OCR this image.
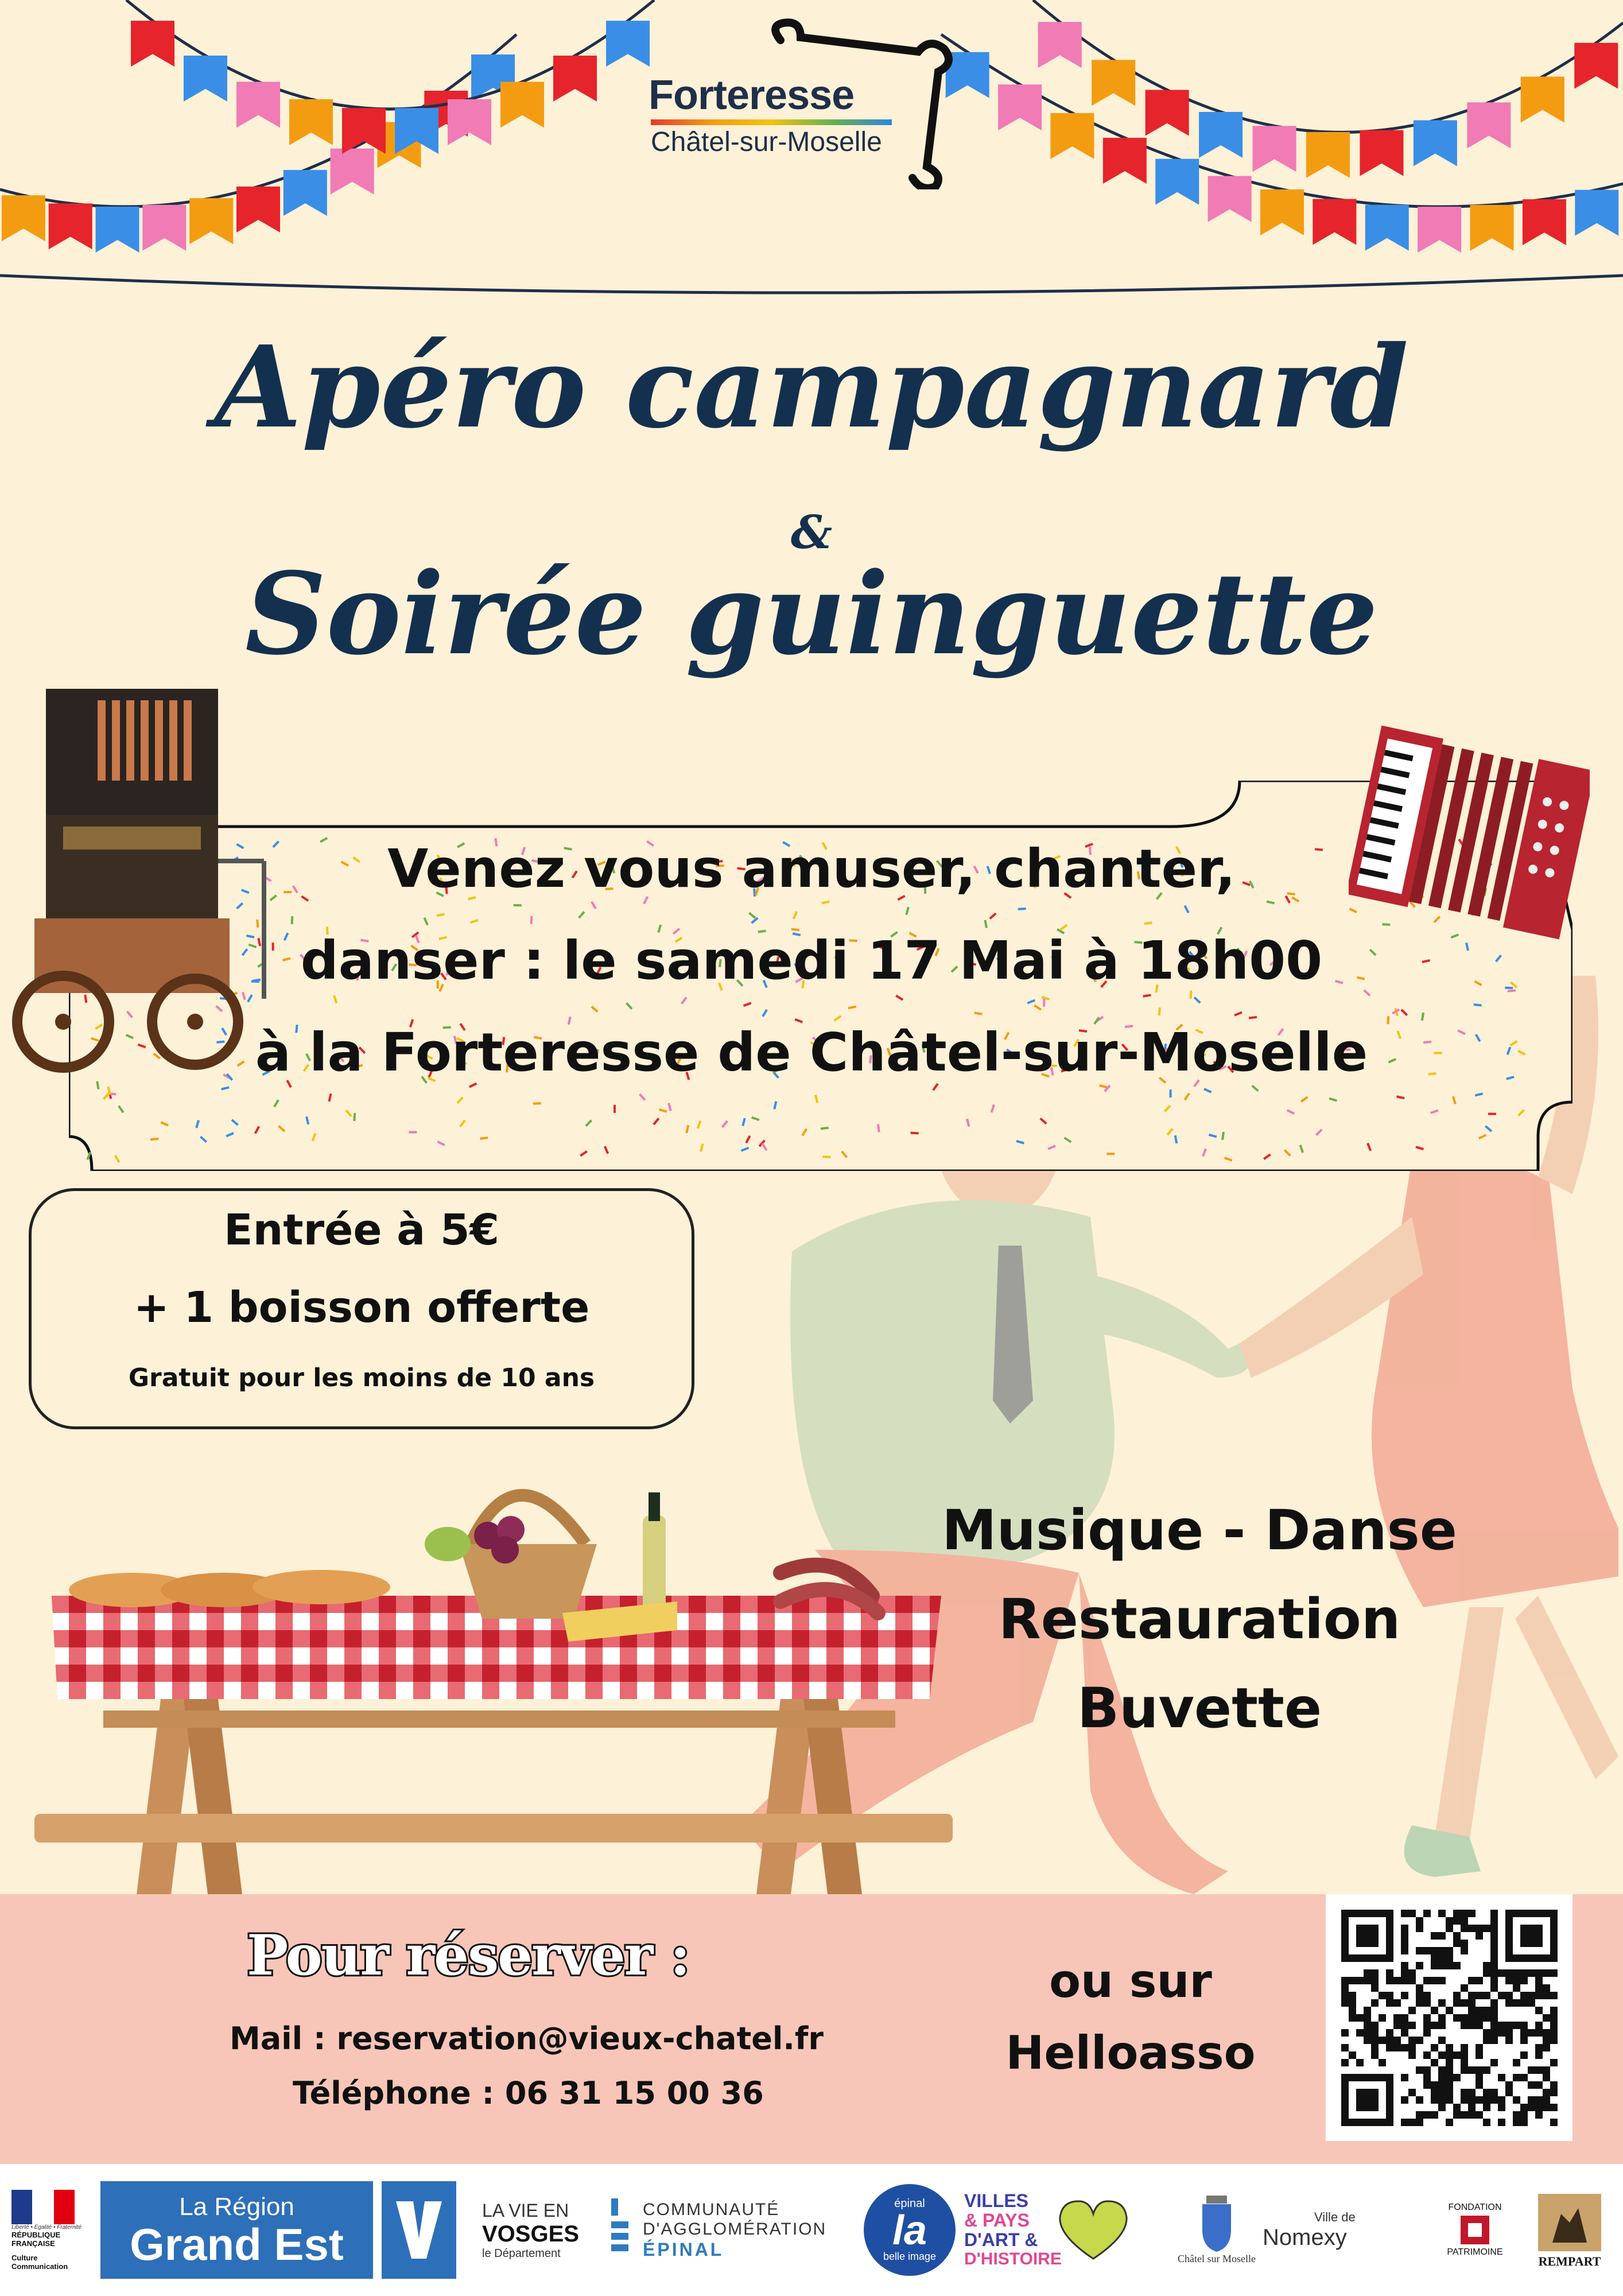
Forteresse
Châtel-sur-Moselle
Apéro campagnard
&
Soirée guinguette
Venez vous amuser, chanter,
danser : le samedi 17 Mai à 18h00
à la Forteresse de Châtel-sur-Moselle
Entrée à 5€
+ 1 boisson offerte
Gratuit pour les moins de 10 ans
Musique - Danse
Restauration
Buvette
Pour réserver :
Mail : reservation@vieux-chatel.fr
Téléphone : 06 31 15 00 36
ou sur
Helloasso
Liberté • Égalité • Fraternité
RÉPUBLIQUE FRANÇAISE
Culture
Communication
La Région
Grand Est
LA VIE EN
VOSGES
le Département
COMMUNAUTÉ
D'AGGLOMÉRATION
ÉPINAL
épinal
la
belle image
VILLES
& PAYS
D'ART &
D'HISTOIRE	Châtel sur Moselle
Ville de
Nomexy
FONDATION
PATRIMOINE
REMPART
